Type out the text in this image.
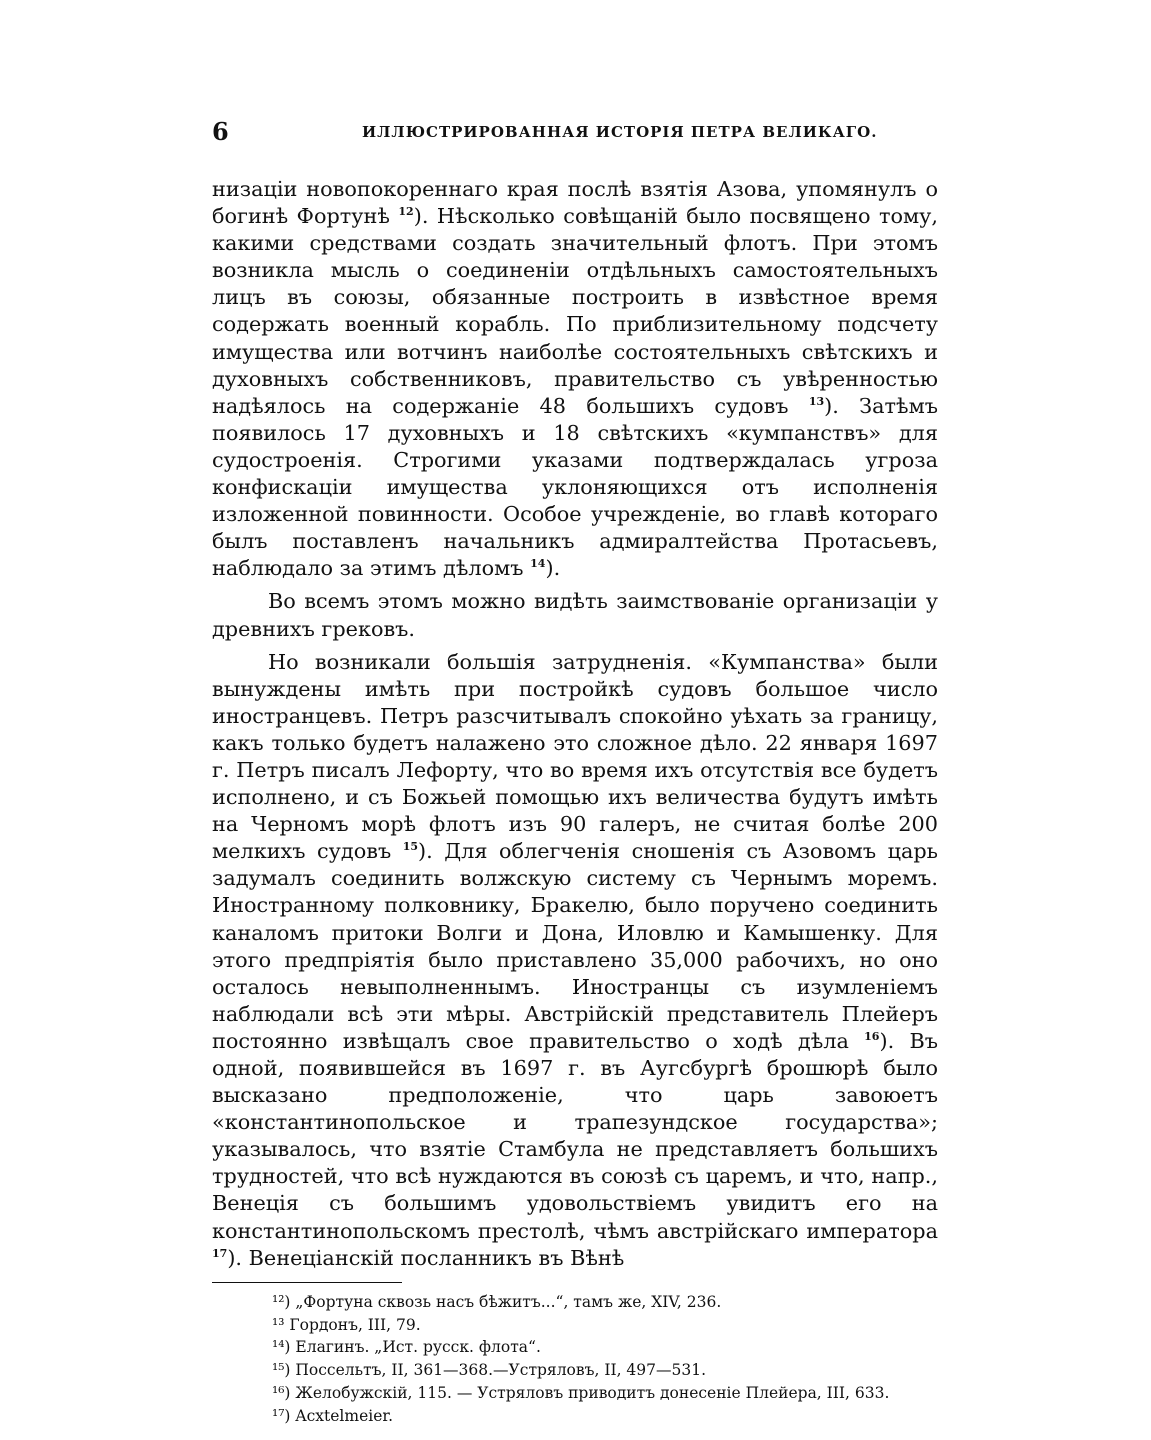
6	ИЛЛЮСТРИРОВАННАЯ ИСТОРІЯ ПЕТРА ВЕЛИКАГО.

низаціи новопокореннаго края послѣ взятія Азова, упомянулъ о богинѣ Фортунѣ $^{12}$). Нѣсколько совѣщаній было посвящено тому, какими средствами создать значительный флотъ. При этомъ возникла мысль о соединеніи отдѣльныхъ самостоятельныхъ лицъ въ союзы, обязанные построить в извѣстное время содержать военный корабль. По приблизительному подсчету имущества или вотчинъ наиболѣе состоятельныхъ свѣтскихъ и духовныхъ собственниковъ, правительство съ увѣренностью надѣялось на содержаніе 48 большихъ судовъ $^{13}$). Затѣмъ появилось 17 духовныхъ и 18 свѣтскихъ «кумпанствъ» для судостроенія. Строгими указами подтверждалась угроза конфискаціи имущества уклоняющихся отъ исполненія изложенной повинности. Особое учрежденіе, во главѣ котораго былъ поставленъ начальникъ адмиралтейства Протасьевъ, наблюдало за этимъ дѣломъ $^{14}$).

Во всемъ этомъ можно видѣть заимствованіе организаціи у древнихъ грековъ.

Но возникали большія затрудненія. «Кумпанства» были вынуждены имѣть при постройкѣ судовъ большое число иностранцевъ. Петръ разсчитывалъ спокойно уѣхать за границу, какъ только будетъ налажено это сложное дѣло. 22 января 1697 г. Петръ писалъ Лефорту, что во время ихъ отсутствія все будетъ исполнено, и съ Божьей помощью ихъ величества будутъ имѣть на Черномъ морѣ флотъ изъ 90 галеръ, не считая болѣе 200 мелкихъ судовъ $^{15}$). Для облегченія сношенія съ Азовомъ царь задумалъ соединить волжскую систему съ Чернымъ моремъ. Иностранному полковнику, Бракелю, было поручено соединить каналомъ притоки Волги и Дона, Иловлю и Камышенку. Для этого предпріятія было приставлено 35,000 рабочихъ, но оно осталось невыполненнымъ. Иностранцы съ изумленіемъ наблюдали всѣ эти мѣры. Австрійскій представитель Плейеръ постоянно извѣщалъ свое правительство о ходѣ дѣла $^{16}$). Въ одной, появившейся въ 1697 г. въ Аугсбургѣ брошюрѣ было высказано предположеніе, что царь завоюетъ «константинопольское и трапезундское государства»; указывалось, что взятіе Стамбула не представляетъ большихъ трудностей, что всѣ нуждаются въ союзѣ съ царемъ, и что, напр., Венеція съ большимъ удовольствіемъ увидитъ его на константинопольскомъ престолѣ, чѣмъ австрійскаго императора $^{17}$). Венеціанскій посланникъ въ Вѣнѣ

¹²) „Фортуна сквозь насъ бѣжитъ...“, тамъ же, XIV, 236.
¹³ Гордонъ, III, 79.
¹⁴) Елагинъ. „Ист. русск. флота“.
¹⁵) Поссельтъ, II, 361—368.—Устряловъ, II, 497—531.
¹⁶) Желобужскій, 115. — Устряловъ приводитъ донесеніе Плейера, III, 633.
¹⁷) Acxtelmeier.
